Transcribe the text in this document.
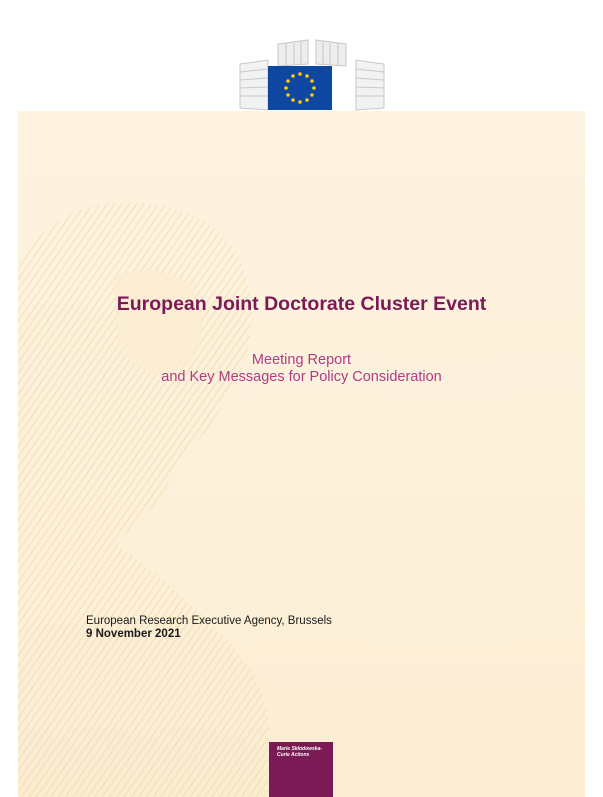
European Joint Doctorate Cluster Event

Meeting Report
and Key Messages for Policy Consideration

European Research Executive Agency, Brussels

9 November 2021

Marie Skłodowska-
Curie Actions
